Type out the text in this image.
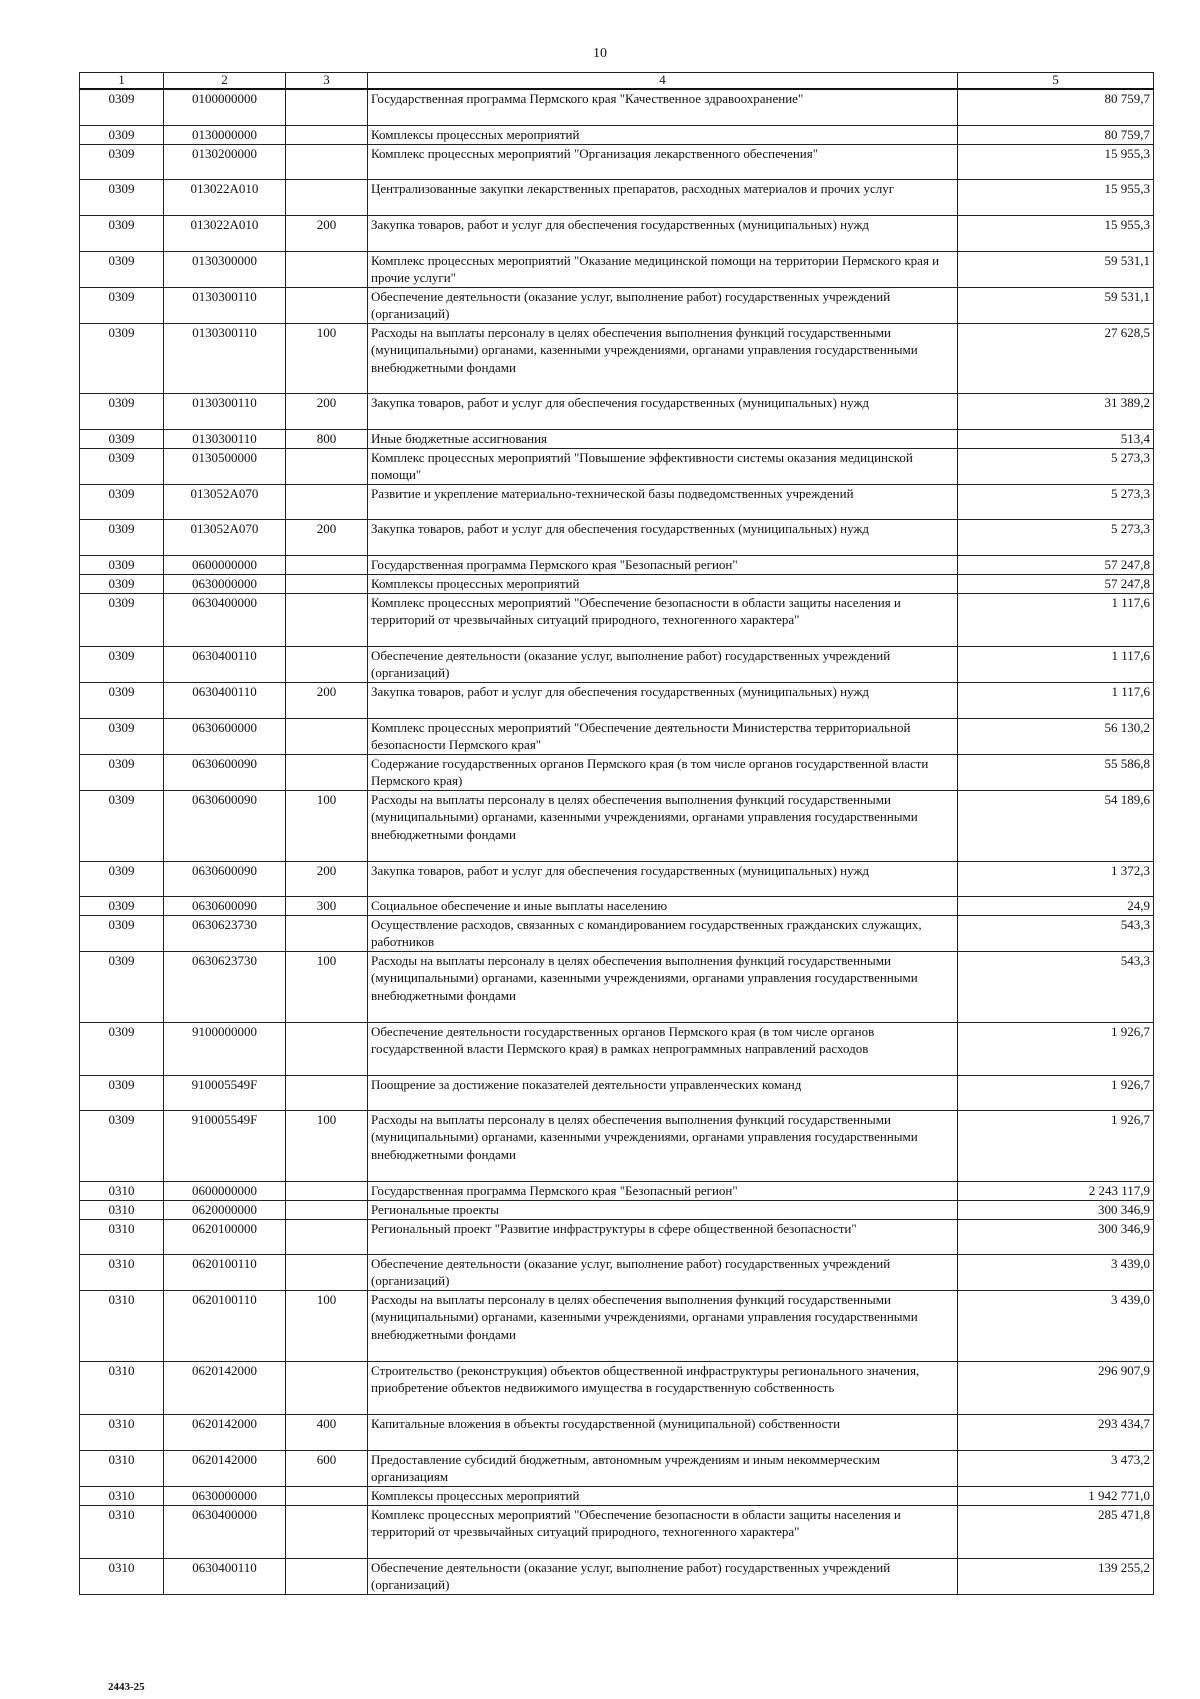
10
1	2	3	4	5
0309	0100000000		Государственная программа Пермского края "Качественное здравоохранение"	80 759,7
0309	0130000000		Комплексы процессных мероприятий	80 759,7
0309	0130200000		Комплекс процессных мероприятий "Организация лекарственного обеспечения"	15 955,3
0309	013022А010		Централизованные закупки лекарственных препаратов, расходных материалов и прочих услуг	15 955,3
0309	013022А010	200	Закупка товаров, работ и услуг для обеспечения государственных (муниципальных) нужд	15 955,3
0309	0130300000		Комплекс процессных мероприятий "Оказание медицинской помощи на территории Пермского края и прочие услуги"	59 531,1
0309	0130300110		Обеспечение деятельности (оказание услуг, выполнение работ) государственных учреждений (организаций)	59 531,1
0309	0130300110	100	Расходы на выплаты персоналу в целях обеспечения выполнения функций государственными (муниципальными) органами, казенными учреждениями, органами управления государственными внебюджетными фондами	27 628,5
0309	0130300110	200	Закупка товаров, работ и услуг для обеспечения государственных (муниципальных) нужд	31 389,2
0309	0130300110	800	Иные бюджетные ассигнования	513,4
0309	0130500000		Комплекс процессных мероприятий "Повышение эффективности системы оказания медицинской помощи"	5 273,3
0309	013052А070		Развитие и укрепление материально-технической базы подведомственных учреждений	5 273,3
0309	013052А070	200	Закупка товаров, работ и услуг для обеспечения государственных (муниципальных) нужд	5 273,3
0309	0600000000		Государственная программа Пермского края "Безопасный регион"	57 247,8
0309	0630000000		Комплексы процессных мероприятий	57 247,8
0309	0630400000		Комплекс процессных мероприятий "Обеспечение безопасности в области защиты населения и территорий от чрезвычайных ситуаций природного, техногенного характера"	1 117,6
0309	0630400110		Обеспечение деятельности (оказание услуг, выполнение работ) государственных учреждений (организаций)	1 117,6
0309	0630400110	200	Закупка товаров, работ и услуг для обеспечения государственных (муниципальных) нужд	1 117,6
0309	0630600000		Комплекс процессных мероприятий "Обеспечение деятельности Министерства территориальной безопасности Пермского края"	56 130,2
0309	0630600090		Содержание государственных органов Пермского края (в том числе органов государственной власти Пермского края)	55 586,8
0309	0630600090	100	Расходы на выплаты персоналу в целях обеспечения выполнения функций государственными (муниципальными) органами, казенными учреждениями, органами управления государственными внебюджетными фондами	54 189,6
0309	0630600090	200	Закупка товаров, работ и услуг для обеспечения государственных (муниципальных) нужд	1 372,3
0309	0630600090	300	Социальное обеспечение и иные выплаты населению	24,9
0309	0630623730		Осуществление расходов, связанных с командированием государственных гражданских служащих, работников	543,3
0309	0630623730	100	Расходы на выплаты персоналу в целях обеспечения выполнения функций государственными (муниципальными) органами, казенными учреждениями, органами управления государственными внебюджетными фондами	543,3
0309	9100000000		Обеспечение деятельности государственных органов Пермского края (в том числе органов государственной власти Пермского края) в рамках непрограммных направлений расходов	1 926,7
0309	910005549F		Поощрение за достижение показателей деятельности управленческих команд	1 926,7
0309	910005549F	100	Расходы на выплаты персоналу в целях обеспечения выполнения функций государственными (муниципальными) органами, казенными учреждениями, органами управления государственными внебюджетными фондами	1 926,7
0310	0600000000		Государственная программа Пермского края "Безопасный регион"	2 243 117,9
0310	0620000000		Региональные проекты	300 346,9
0310	0620100000		Региональный проект "Развитие инфраструктуры в сфере общественной безопасности"	300 346,9
0310	0620100110		Обеспечение деятельности (оказание услуг, выполнение работ) государственных учреждений (организаций)	3 439,0
0310	0620100110	100	Расходы на выплаты персоналу в целях обеспечения выполнения функций государственными (муниципальными) органами, казенными учреждениями, органами управления государственными внебюджетными фондами	3 439,0
0310	0620142000		Строительство (реконструкция) объектов общественной инфраструктуры регионального значения, приобретение объектов недвижимого имущества в государственную собственность	296 907,9
0310	0620142000	400	Капитальные вложения в объекты государственной (муниципальной) собственности	293 434,7
0310	0620142000	600	Предоставление субсидий бюджетным, автономным учреждениям и иным некоммерческим организациям	3 473,2
0310	0630000000		Комплексы процессных мероприятий	1 942 771,0
0310	0630400000		Комплекс процессных мероприятий "Обеспечение безопасности в области защиты населения и территорий от чрезвычайных ситуаций природного, техногенного характера"	285 471,8
0310	0630400110		Обеспечение деятельности (оказание услуг, выполнение работ) государственных учреждений (организаций)	139 255,2
2443-25
